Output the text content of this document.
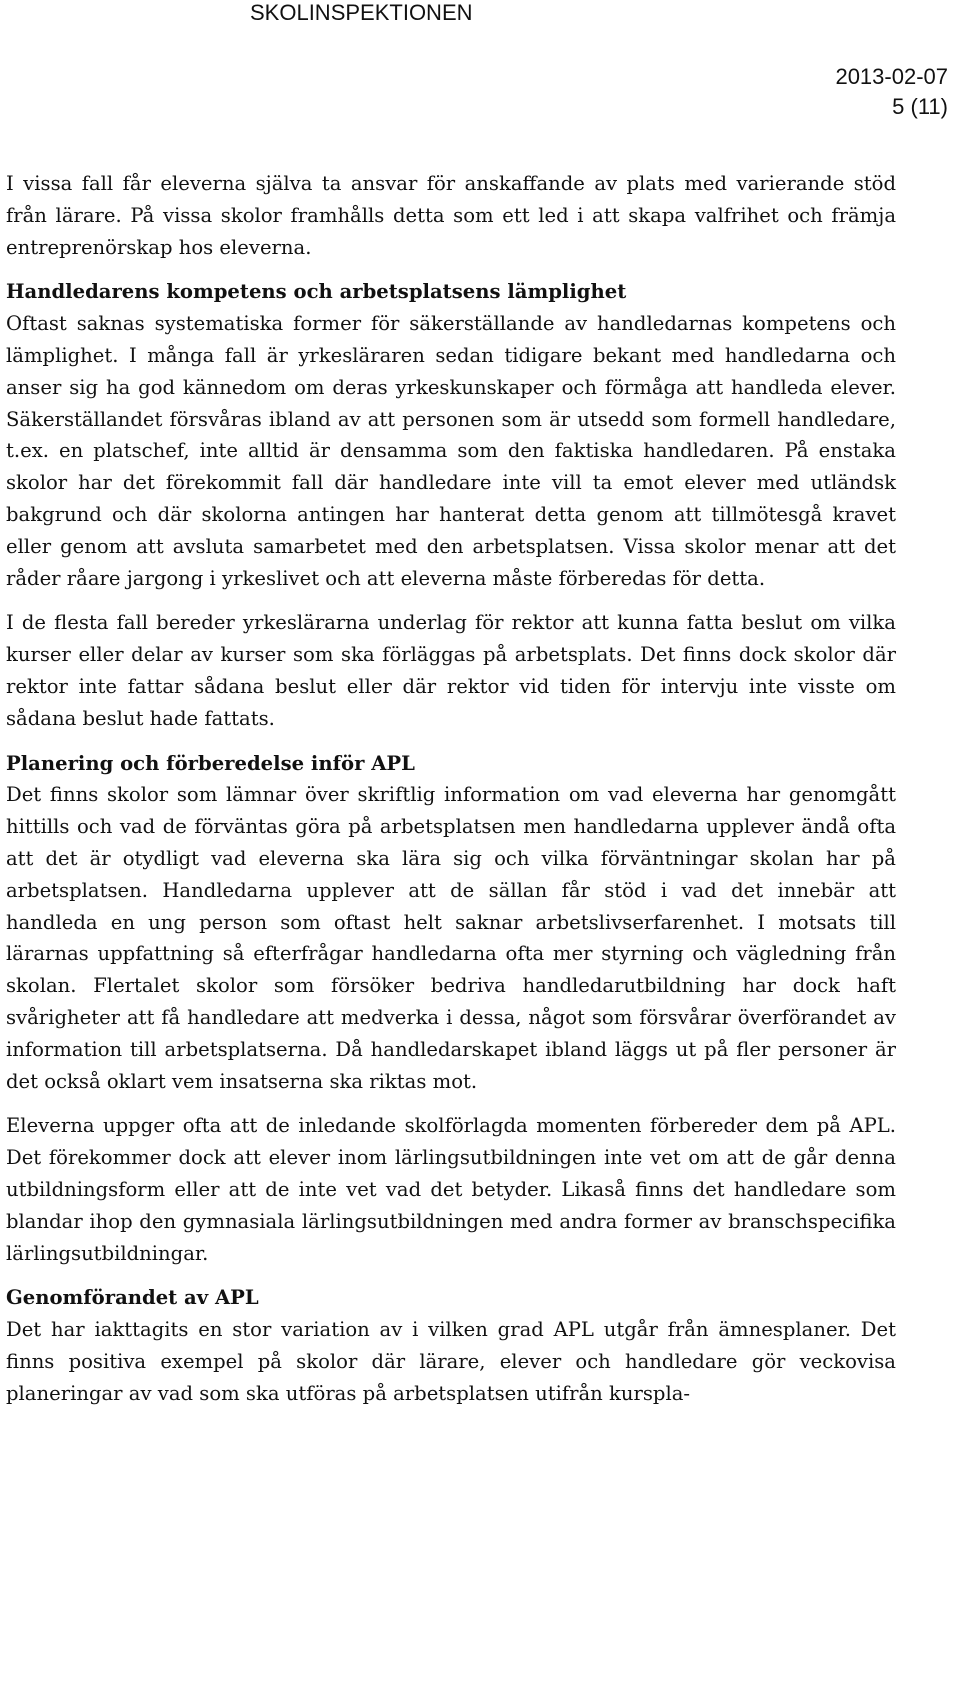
SKOLINSPEKTIONEN
2013-02-07
5 (11)

I vissa fall får eleverna själva ta ansvar för anskaffande av plats med varierande stöd från lärare. På vissa skolor framhålls detta som ett led i att skapa valfrihet och främja entreprenörskap hos eleverna.

Handledarens kompetens och arbetsplatsens lämplighet

Oftast saknas systematiska former för säkerställande av handledarnas kompetens och lämplighet. I många fall är yrkesläraren sedan tidigare bekant med handledarna och anser sig ha god kännedom om deras yrkeskunskaper och förmåga att handleda elever. Säkerställandet försvåras ibland av att personen som är utsedd som formell handledare, t.ex. en platschef, inte alltid är densamma som den faktiska handledaren. På enstaka skolor har det förekommit fall där handledare inte vill ta emot elever med utländsk bakgrund och där skolorna antingen har hanterat detta genom att tillmötesgå kravet eller genom att avsluta samarbetet med den arbetsplatsen. Vissa skolor menar att det råder råare jargong i yrkeslivet och att eleverna måste förberedas för detta.

I de flesta fall bereder yrkeslärarna underlag för rektor att kunna fatta beslut om vilka kurser eller delar av kurser som ska förläggas på arbetsplats. Det finns dock skolor där rektor inte fattar sådana beslut eller där rektor vid tiden för intervju inte visste om sådana beslut hade fattats.

Planering och förberedelse inför APL

Det finns skolor som lämnar över skriftlig information om vad eleverna har genomgått hittills och vad de förväntas göra på arbetsplatsen men handledarna upplever ändå ofta att det är otydligt vad eleverna ska lära sig och vilka förväntningar skolan har på arbetsplatsen. Handledarna upplever att de sällan får stöd i vad det innebär att handleda en ung person som oftast helt saknar arbetslivserfarenhet. I motsats till lärarnas uppfattning så efterfrågar handledarna ofta mer styrning och vägledning från skolan. Flertalet skolor som försöker bedriva handledarutbildning har dock haft svårigheter att få handledare att medverka i dessa, något som försvårar överförandet av information till arbetsplatserna. Då handledarskapet ibland läggs ut på fler personer är det också oklart vem insatserna ska riktas mot.

Eleverna uppger ofta att de inledande skolförlagda momenten förbereder dem på APL. Det förekommer dock att elever inom lärlingsutbildningen inte vet om att de går denna utbildningsform eller att de inte vet vad det betyder. Likaså finns det handledare som blandar ihop den gymnasiala lärlingsutbildningen med andra former av branschspecifika lärlingsutbildningar.

Genomförandet av APL

Det har iakttagits en stor variation av i vilken grad APL utgår från ämnesplaner. Det finns positiva exempel på skolor där lärare, elever och handledare gör veckovisa planeringar av vad som ska utföras på arbetsplatsen utifrån kurspla-
